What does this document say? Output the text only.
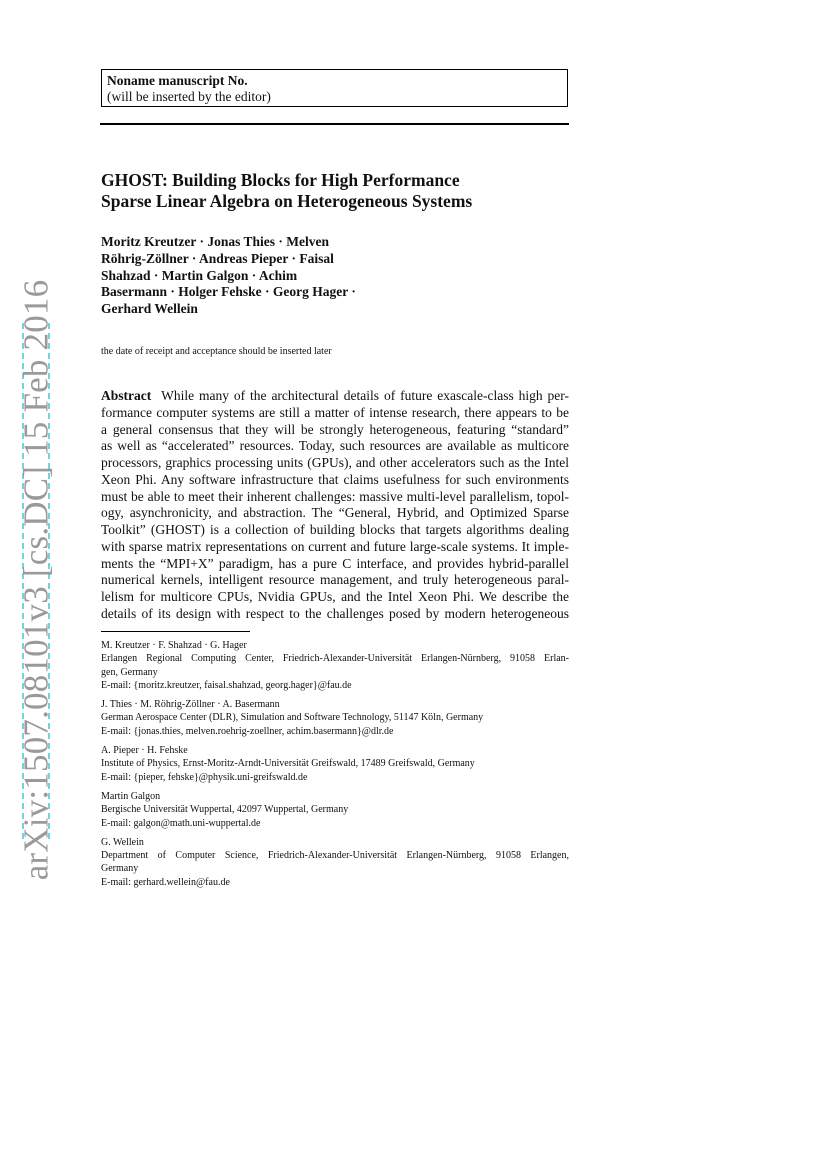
Noname manuscript No.
(will be inserted by the editor)
GHOST: Building Blocks for High Performance
Sparse Linear Algebra on Heterogeneous Systems
Moritz Kreutzer · Jonas Thies · Melven
Röhrig-Zöllner · Andreas Pieper · Faisal
Shahzad · Martin Galgon · Achim
Basermann · Holger Fehske · Georg Hager ·
Gerhard Wellein
the date of receipt and acceptance should be inserted later
Abstract While many of the architectural details of future exascale-class high per-
formance computer systems are still a matter of intense research, there appears to be
a general consensus that they will be strongly heterogeneous, featuring “standard”
as well as “accelerated” resources. Today, such resources are available as multicore
processors, graphics processing units (GPUs), and other accelerators such as the Intel
Xeon Phi. Any software infrastructure that claims usefulness for such environments
must be able to meet their inherent challenges: massive multi-level parallelism, topol-
ogy, asynchronicity, and abstraction. The “General, Hybrid, and Optimized Sparse
Toolkit” (GHOST) is a collection of building blocks that targets algorithms dealing
with sparse matrix representations on current and future large-scale systems. It imple-
ments the “MPI+X” paradigm, has a pure C interface, and provides hybrid-parallel
numerical kernels, intelligent resource management, and truly heterogeneous paral-
lelism for multicore CPUs, Nvidia GPUs, and the Intel Xeon Phi. We describe the
details of its design with respect to the challenges posed by modern heterogeneous
M. Kreutzer · F. Shahzad · G. Hager
Erlangen Regional Computing Center, Friedrich-Alexander-Universität Erlangen-Nürnberg, 91058 Erlan-
gen, Germany
E-mail: {moritz.kreutzer, faisal.shahzad, georg.hager}@fau.de
J. Thies · M. Röhrig-Zöllner · A. Basermann
German Aerospace Center (DLR), Simulation and Software Technology, 51147 Köln, Germany
E-mail: {jonas.thies, melven.roehrig-zoellner, achim.basermann}@dlr.de
A. Pieper · H. Fehske
Institute of Physics, Ernst-Moritz-Arndt-Universität Greifswald, 17489 Greifswald, Germany
E-mail: {pieper, fehske}@physik.uni-greifswald.de
Martin Galgon
Bergische Universität Wuppertal, 42097 Wuppertal, Germany
E-mail: galgon@math.uni-wuppertal.de
G. Wellein
Department of Computer Science, Friedrich-Alexander-Universität Erlangen-Nürnberg, 91058 Erlangen,
Germany
E-mail: gerhard.wellein@fau.de
arXiv:1507.08101v3 [cs.DC] 15 Feb 2016
